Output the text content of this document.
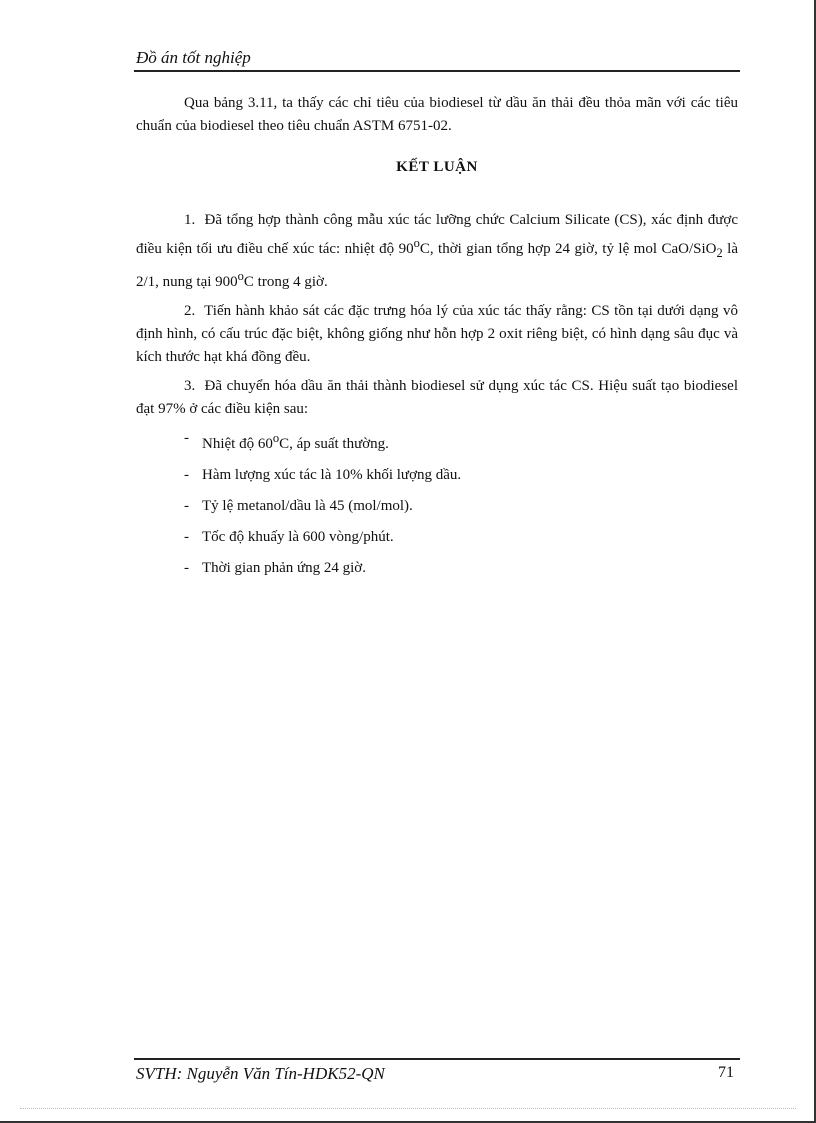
Đồ án tốt nghiệp

Qua bảng 3.11, ta thấy các chỉ tiêu của biodiesel từ dầu ăn thải đều thỏa mãn với các tiêu chuẩn của biodiesel theo tiêu chuẩn ASTM 6751-02.

KẾT LUẬN

1. Đã tổng hợp thành công mẫu xúc tác lưỡng chức Calcium Silicate (CS), xác định được điều kiện tối ưu điều chế xúc tác: nhiệt độ 90$^o$C, thời gian tổng hợp 24 giờ, tỷ lệ mol CaO/SiO$_2$ là 2/1, nung tại 900$^o$C trong 4 giờ.

2. Tiến hành khảo sát các đặc trưng hóa lý của xúc tác thấy rằng: CS tồn tại dưới dạng vô định hình, có cấu trúc đặc biệt, không giống như hỗn hợp 2 oxit riêng biệt, có hình dạng sâu đục và kích thước hạt khá đồng đều.

3. Đã chuyển hóa dầu ăn thải thành biodiesel sử dụng xúc tác CS. Hiệu suất tạo biodiesel đạt 97% ở các điều kiện sau:

- Nhiệt độ 60$^o$C, áp suất thường.
- Hàm lượng xúc tác là 10% khối lượng dầu.
- Tỷ lệ metanol/dầu là 45 (mol/mol).
- Tốc độ khuấy là 600 vòng/phút.
- Thời gian phản ứng 24 giờ.
SVTH: Nguyễn Văn Tín-HDK52-QN	71
